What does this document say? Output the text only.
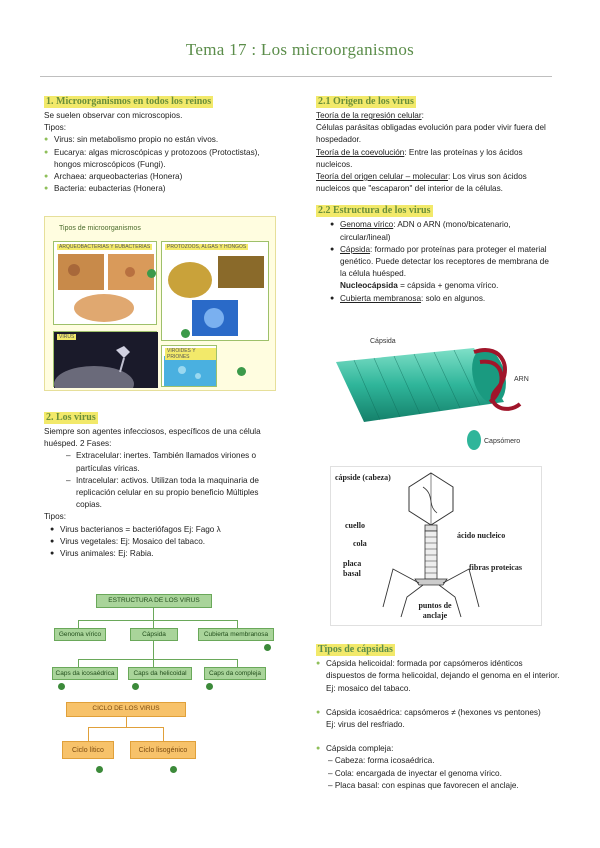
Tema 17 : Los microorganismos
1. Microorganismos en todos los reinos
Se suelen observar con microscopios.
Tipos:
● Virus: sin metabolismo propio no están vivos.
● Eucarya: algas microscópicas y protozoos (Protoctistas), hongos microscópicos (Fungi).
● Archaea: arqueobacterias (Honera)
● Bacteria: eubacterias (Honera)
Tipos de microorganismos
ARQUEOBACTERIAS Y EUBACTERIAS	PROTOZOOS, ALGAS Y HONGOS
VIRUS
VIROIDES Y PRIONES
2. Los virus
Siempre son agentes infecciosos, específicos de una célula huésped. 2 Fases:
– Extracelular: inertes. También llamados viriones o partículas víricas.
– Intracelular: activos. Utilizan toda la maquinaria de replicación celular en su propio beneficio Múltiples copias.
Tipos:
● Virus bacterianos = bacteriófagos Ej: Fago λ
● Virus vegetales: Ej: Mosaico del tabaco.
● Virus animales: Ej: Rabia.
ESTRUCTURA DE LOS VIRUS
Genoma vírico	Cápsida	Cubierta membranosa
Caps da icosaédrica	Caps da helicoidal	Caps da compleja
CICLO DE LOS VIRUS
Ciclo lítico	Ciclo lisogénico
2.1 Origen de los virus
Teoría de la regresión celular:
Células parásitas obligadas evolución para poder vivir fuera del hospedador.
Teoría de la coevolución: Entre las proteínas y los ácidos nucleicos.
Teoría del origen celular – molecular: Los virus son ácidos nucleicos que "escaparon" del interior de la células.
2.2 Estructura de los virus
● Genoma vírico: ADN o ARN (mono/bicatenario, circular/lineal)
● Cápsida: formado por proteínas para proteger el material genético. Puede detectar los receptores de membrana de la célula huésped.
Nucleocápsida = cápsida + genoma vírico.
● Cubierta membranosa: solo en algunos.
Cápsida
ARN
Capsómero
cápside (cabeza)
cuello
cola
ácido nucleico
placa basal
fibras proteicas
puntos de anclaje
Tipos de cápsidas
● Cápsida helicoidal: formada por capsómeros idénticos dispuestos de forma helicoidal, dejando el genoma en el interior. Ej: mosaico del tabaco.
● Cápsida icosaédrica: capsómeros ≠ (hexones vs pentones)
Ej: virus del resfriado.
● Cápsida compleja:
– Cabeza: forma icosaédrica.
– Cola: encargada de inyectar el genoma vírico.
– Placa basal: con espinas que favorecen el anclaje.
